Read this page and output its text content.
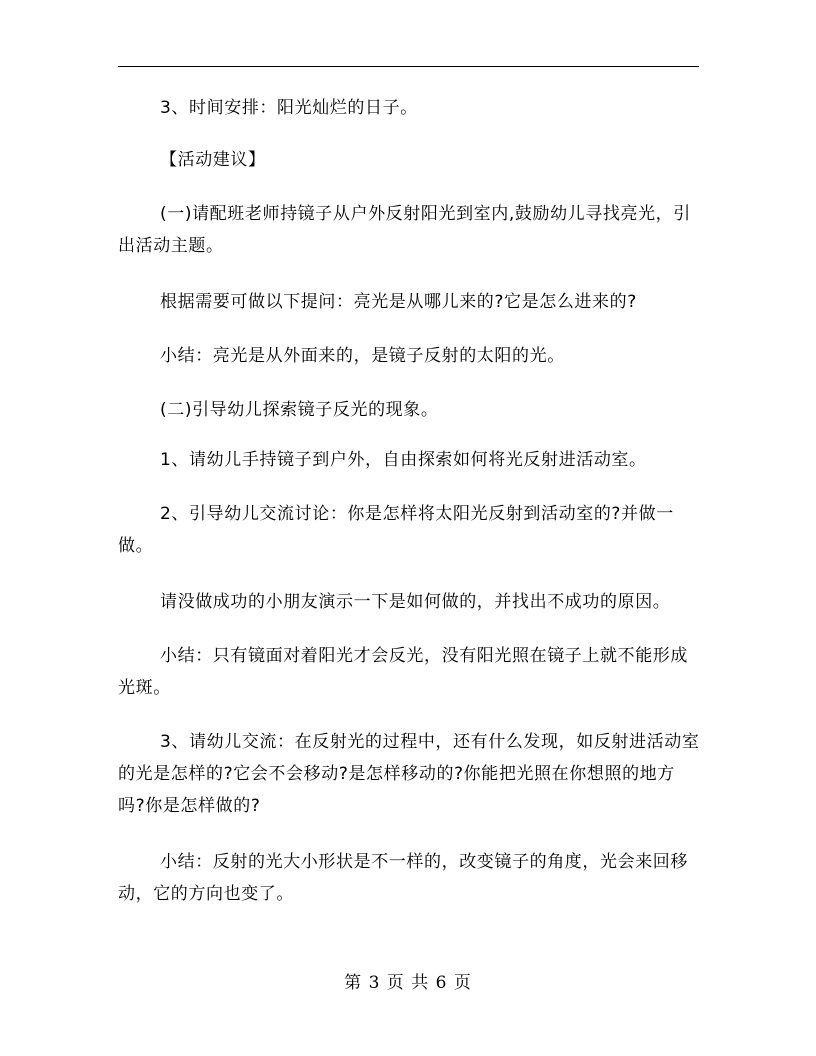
3、时间安排：阳光灿烂的日子。

【活动建议】

(一)请配班老师持镜子从户外反射阳光到室内,鼓励幼儿寻找亮光，引出活动主题。

根据需要可做以下提问：亮光是从哪儿来的?它是怎么进来的?

小结：亮光是从外面来的，是镜子反射的太阳的光。

(二)引导幼儿探索镜子反光的现象。

1、请幼儿手持镜子到户外，自由探索如何将光反射进活动室。

2、引导幼儿交流讨论：你是怎样将太阳光反射到活动室的?并做一做。

请没做成功的小朋友演示一下是如何做的，并找出不成功的原因。

小结：只有镜面对着阳光才会反光，没有阳光照在镜子上就不能形成光斑。

3、请幼儿交流：在反射光的过程中，还有什么发现，如反射进活动室的光是怎样的?它会不会移动?是怎样移动的?你能把光照在你想照的地方吗?你是怎样做的?

小结：反射的光大小形状是不一样的，改变镜子的角度，光会来回移动，它的方向也变了。

第 3 页 共 6 页
